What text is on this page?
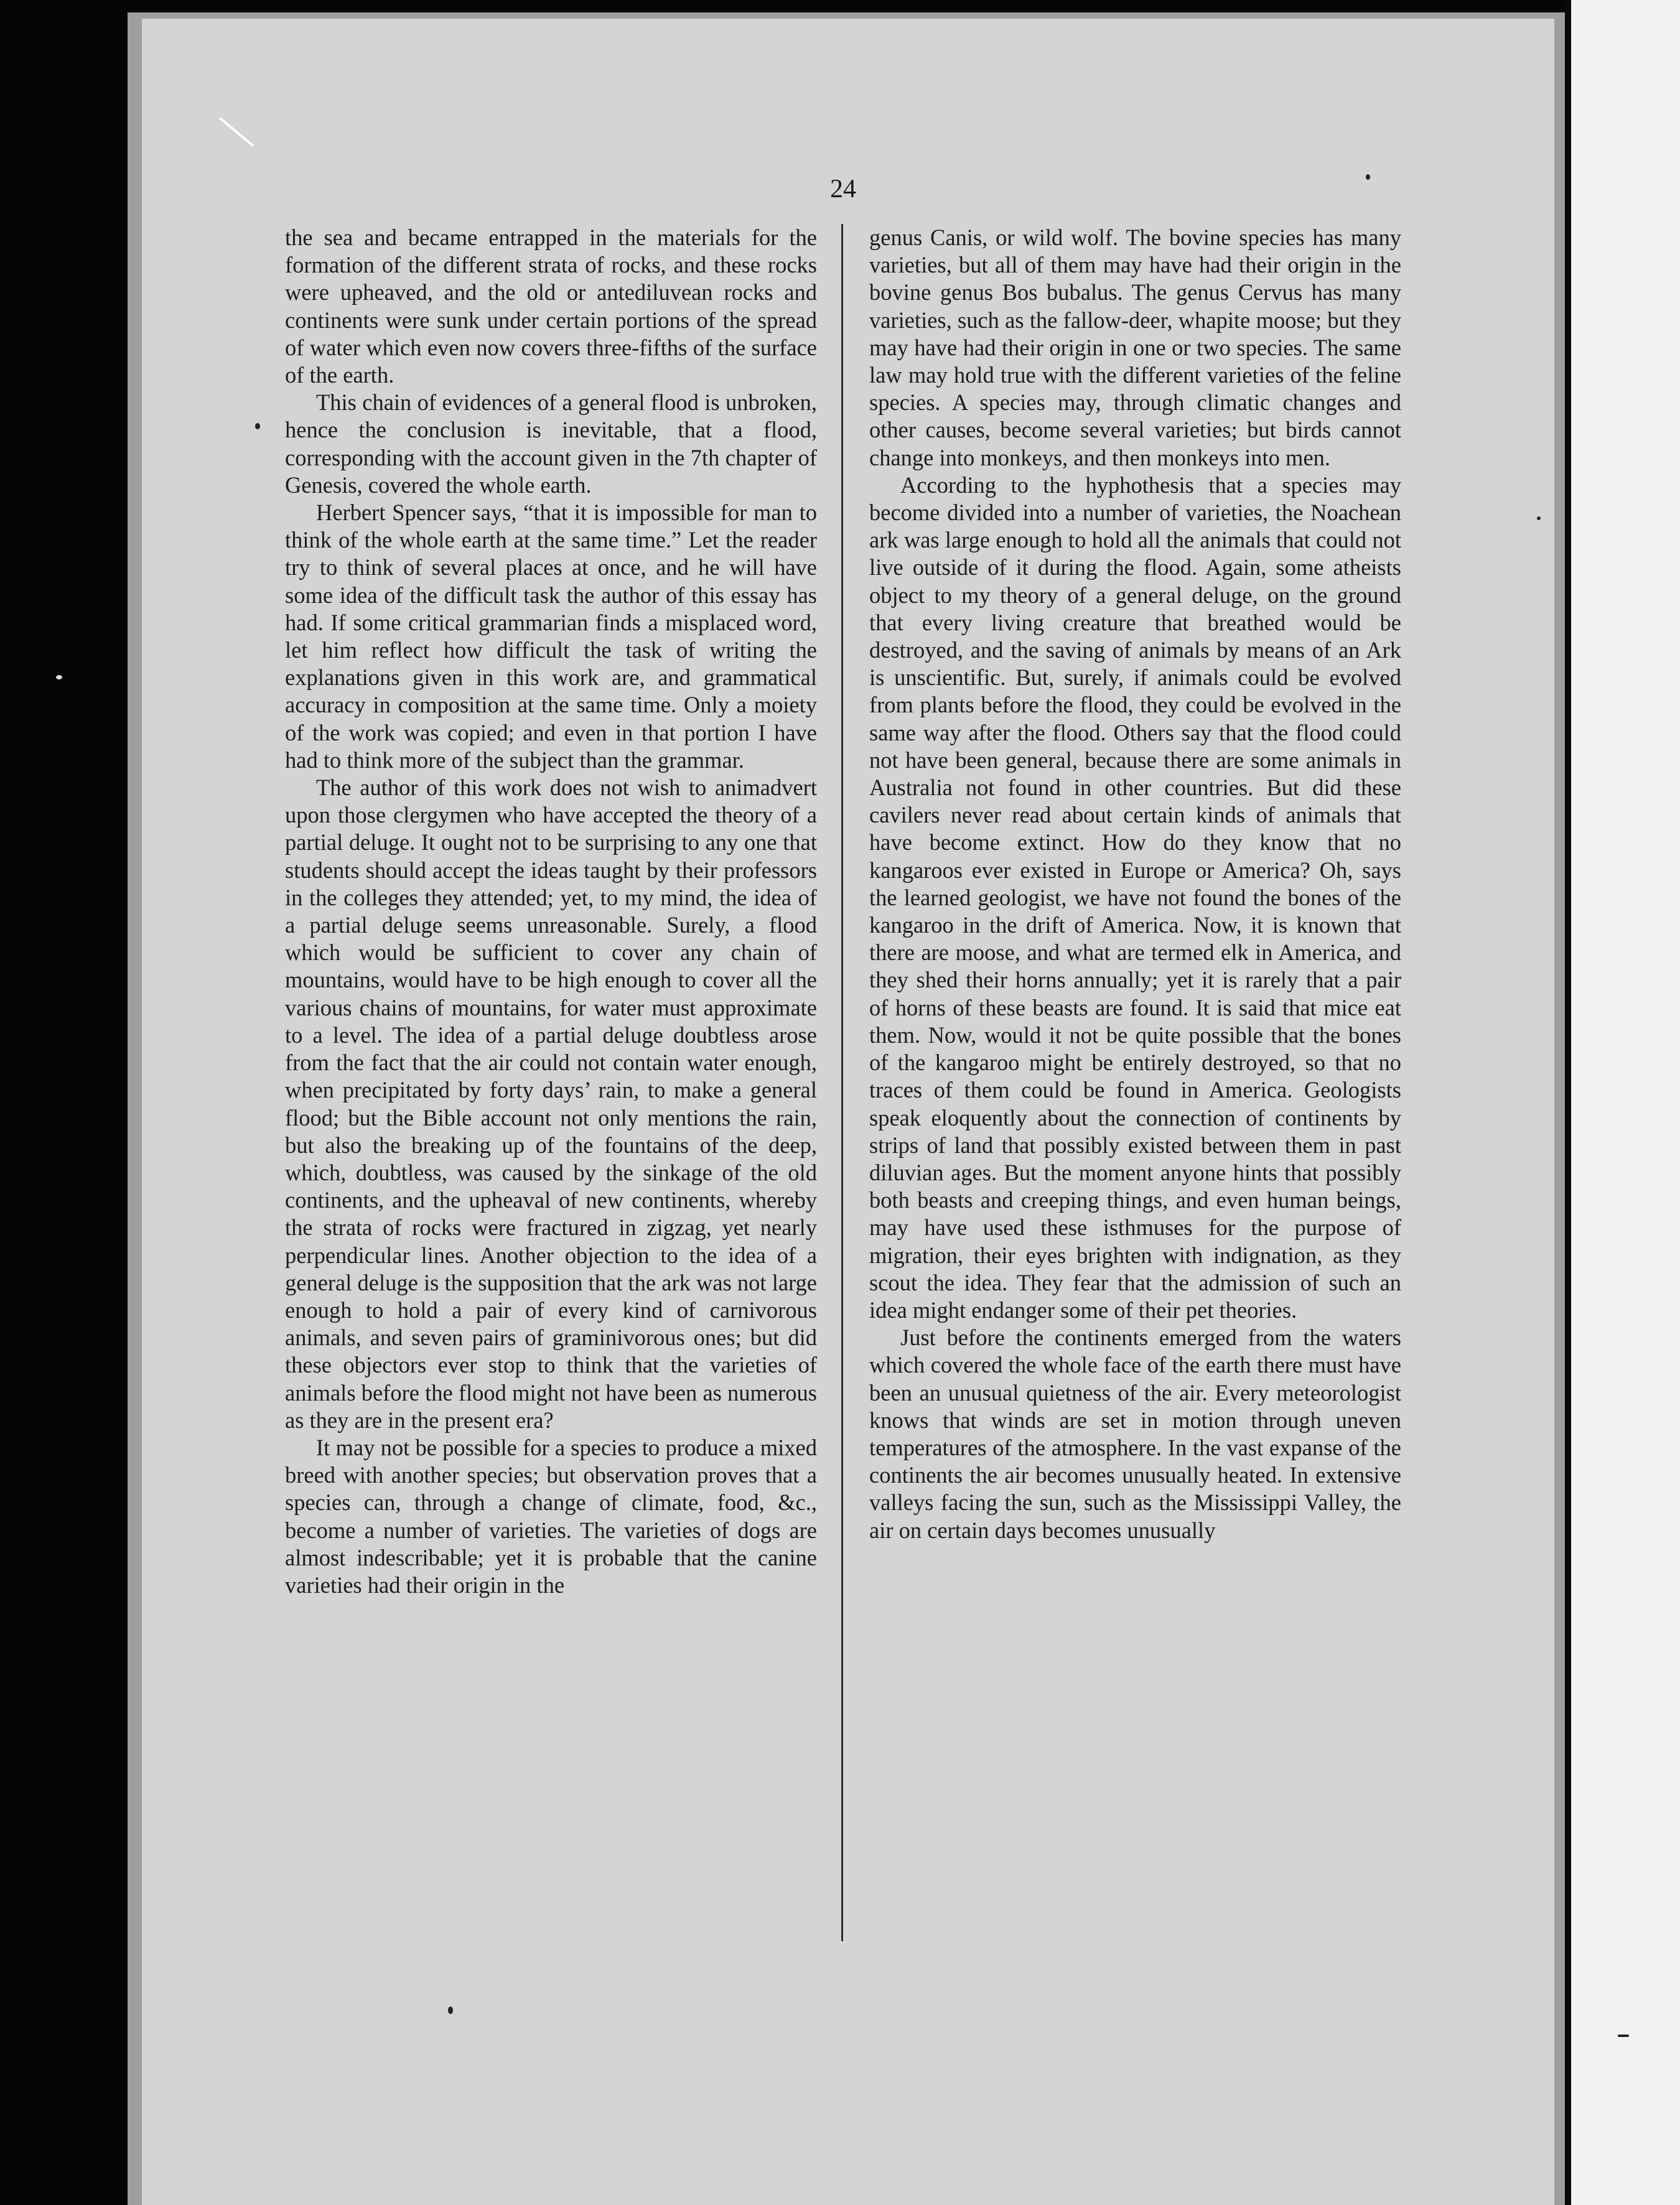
24

the sea and became entrapped in the materials for the formation of the different strata of rocks, and these rocks were upheaved, and the old or antediluvean rocks and continents were sunk under certain portions of the spread of water which even now covers three-fifths of the surface of the earth.

This chain of evidences of a general flood is unbroken, hence the conclusion is inevitable, that a flood, corresponding with the account given in the 7th chapter of Genesis, covered the whole earth.

Herbert Spencer says, “that it is impossible for man to think of the whole earth at the same time.” Let the reader try to think of several places at once, and he will have some idea of the difficult task the author of this essay has had. If some critical grammarian finds a misplaced word, let him reflect how difficult the task of writing the explanations given in this work are, and grammatical accuracy in composition at the same time. Only a moiety of the work was copied; and even in that portion I have had to think more of the subject than the grammar.

The author of this work does not wish to animadvert upon those clergymen who have accepted the theory of a partial deluge. It ought not to be surprising to any one that students should accept the ideas taught by their professors in the colleges they attended; yet, to my mind, the idea of a partial deluge seems unreasonable. Surely, a flood which would be sufficient to cover any chain of mountains, would have to be high enough to cover all the various chains of mountains, for water must approximate to a level. The idea of a partial deluge doubtless arose from the fact that the air could not contain water enough, when precipitated by forty days’ rain, to make a general flood; but the Bible account not only mentions the rain, but also the breaking up of the fountains of the deep, which, doubtless, was caused by the sinkage of the old continents, and the upheaval of new continents, whereby the strata of rocks were fractured in zigzag, yet nearly perpendicular lines. Another objection to the idea of a general deluge is the supposition that the ark was not large enough to hold a pair of every kind of carnivorous animals, and seven pairs of graminivorous ones; but did these objectors ever stop to think that the varieties of animals before the flood might not have been as numerous as they are in the present era?

It may not be possible for a species to produce a mixed breed with another species; but observation proves that a species can, through a change of climate, food, &c., become a number of varieties. The varieties of dogs are almost indescribable; yet it is probable that the canine varieties had their origin in the

genus Canis, or wild wolf. The bovine species has many varieties, but all of them may have had their origin in the bovine genus Bos bubalus. The genus Cervus has many varieties, such as the fallow-deer, whapite moose; but they may have had their origin in one or two species. The same law may hold true with the different varieties of the feline species. A species may, through climatic changes and other causes, become several varieties; but birds cannot change into monkeys, and then monkeys into men.

According to the hyphothesis that a species may become divided into a number of varieties, the Noachean ark was large enough to hold all the animals that could not live outside of it during the flood. Again, some atheists object to my theory of a general deluge, on the ground that every living creature that breathed would be destroyed, and the saving of animals by means of an Ark is unscientific. But, surely, if animals could be evolved from plants before the flood, they could be evolved in the same way after the flood. Others say that the flood could not have been general, because there are some animals in Australia not found in other countries. But did these cavilers never read about certain kinds of animals that have become extinct. How do they know that no kangaroos ever existed in Europe or America? Oh, says the learned geologist, we have not found the bones of the kangaroo in the drift of America. Now, it is known that there are moose, and what are termed elk in America, and they shed their horns annually; yet it is rarely that a pair of horns of these beasts are found. It is said that mice eat them. Now, would it not be quite possible that the bones of the kangaroo might be entirely destroyed, so that no traces of them could be found in America. Geologists speak eloquently about the connection of continents by strips of land that possibly existed between them in past diluvian ages. But the moment anyone hints that possibly both beasts and creeping things, and even human beings, may have used these isthmuses for the purpose of migration, their eyes brighten with indignation, as they scout the idea. They fear that the admission of such an idea might endanger some of their pet theories.

Just before the continents emerged from the waters which covered the whole face of the earth there must have been an unusual quietness of the air. Every meteorologist knows that winds are set in motion through uneven temperatures of the atmosphere. In the vast expanse of the continents the air becomes unusually heated. In extensive valleys facing the sun, such as the Mississippi Valley, the air on certain days becomes unusually
